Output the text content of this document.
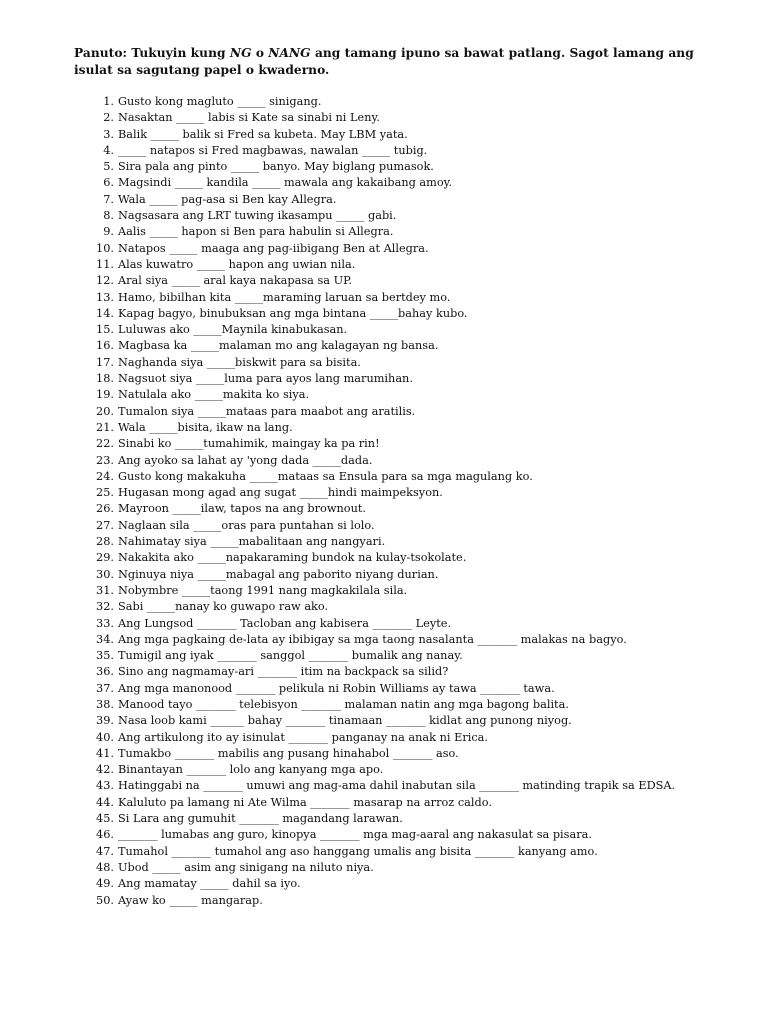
Panuto: Tukuyin kung NG o NANG ang tamang ipuno sa bawat patlang. Sagot lamang ang isulat sa sagutang papel o kwaderno.
1. Gusto kong magluto _____ sinigang.
2. Nasaktan _____ labis si Kate sa sinabi ni Leny.
3. Balik _____ balik si Fred sa kubeta. May LBM yata.
4. _____ natapos si Fred magbawas, nawalan _____ tubig.
5. Sira pala ang pinto _____ banyo. May biglang pumasok.
6. Magsindi _____ kandila _____ mawala ang kakaibang amoy.
7. Wala _____ pag-asa si Ben kay Allegra.
8. Nagsasara ang LRT tuwing ikasampu _____ gabi.
9. Aalis _____ hapon si Ben para habulin si Allegra.
10. Natapos _____ maaga ang pag-iibigang Ben at Allegra.
11. Alas kuwatro _____ hapon ang uwian nila.
12. Aral siya _____ aral kaya nakapasa sa UP.
13. Hamo, bibilhan kita _____maraming laruan sa bertdey mo.
14. Kapag bagyo, binubuksan ang mga bintana _____bahay kubo.
15. Luluwas ako _____Maynila kinabukasan.
16. Magbasa ka _____malaman mo ang kalagayan ng bansa.
17. Naghanda siya _____biskwit para sa bisita.
18. Nagsuot siya _____luma para ayos lang marumihan.
19. Natulala ako _____makita ko siya.
20. Tumalon siya _____mataas para maabot ang aratilis.
21. Wala _____bisita, ikaw na lang.
22. Sinabi ko _____tumahimik, maingay ka pa rin!
23. Ang ayoko sa lahat ay 'yong dada _____dada.
24. Gusto kong makakuha _____mataas sa Ensula para sa mga magulang ko.
25. Hugasan mong agad ang sugat _____hindi maimpeksyon.
26. Mayroon _____ilaw, tapos na ang brownout.
27. Naglaan sila _____oras para puntahan si lolo.
28. Nahimatay siya _____mabalitaan ang nangyari.
29. Nakakita ako _____napakaraming bundok na kulay-tsokolate.
30. Nginuya niya _____mabagal ang paborito niyang durian.
31. Nobymbre _____taong 1991 nang magkakilala sila.
32. Sabi _____nanay ko guwapo raw ako.
33. Ang Lungsod _______ Tacloban ang kabisera _______ Leyte.
34. Ang mga pagkaing de-lata ay ibibigay sa mga taong nasalanta _______ malakas na bagyo.
35. Tumigil ang iyak _______ sanggol _______ bumalik ang nanay.
36. Sino ang nagmamay-ari _______ itim na backpack sa silid?
37. Ang mga manonood _______ pelikula ni Robin Williams ay tawa _______ tawa.
38. Manood tayo _______ telebisyon _______ malaman natin ang mga bagong balita.
39. Nasa loob kami ______ bahay _______ tinamaan _______ kidlat ang punong niyog.
40. Ang artikulong ito ay isinulat _______ panganay na anak ni Erica.
41. Tumakbo _______ mabilis ang pusang hinahabol _______ aso.
42. Binantayan _______ lolo ang kanyang mga apo.
43. Hatinggabi na _______ umuwi ang mag-ama dahil inabutan sila _______ matinding trapik sa EDSA.
44. Kaluluto pa lamang ni Ate Wilma _______ masarap na arroz caldo.
45. Si Lara ang gumuhit _______ magandang larawan.
46. _______ lumabas ang guro, kinopya _______ mga mag-aaral ang nakasulat sa pisara.
47. Tumahol _______ tumahol ang aso hanggang umalis ang bisita _______ kanyang amo.
48. Ubod _____ asim ang sinigang na niluto niya.
49. Ang mamatay _____ dahil sa iyo.
50. Ayaw ko _____ mangarap.
